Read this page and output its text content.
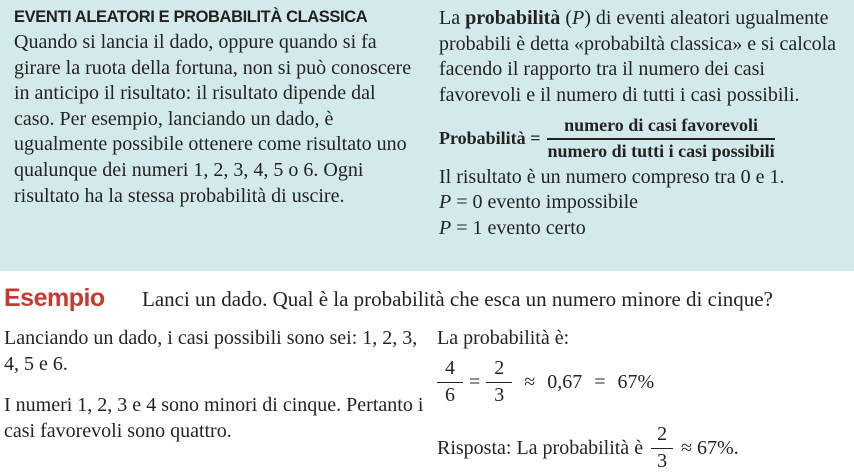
EVENTI ALEATORI E PROBABILITÀ CLASSICA

Quando si lancia il dado, oppure quando si fa girare la ruota della fortuna, non si può conoscere in anticipo il risultato: il risultato dipende dal caso. Per esempio, lanciando un dado, è ugualmente possibile ottenere come risultato uno qualunque dei numeri 1, 2, 3, 4, 5 o 6. Ogni risultato ha la stessa probabilità di uscire.

La probabilità (P) di eventi aleatori ugualmente probabili è detta «probabiltà classica» e si calcola facendo il rapporto tra il numero dei casi favorevoli e il numero di tutti i casi possibili.

Probabilità = $\frac{\text{numero di casi favorevoli}}{\text{numero di tutti i casi possibili}}$

Il risultato è un numero compreso tra 0 e 1.

P = 0 evento impossibile

P = 1 evento certo

Esempio	Lanci un dado. Qual è la probabilità che esca un numero minore di cinque?

Lanciando un dado, i casi possibili sono sei: 1, 2, 3, 4, 5 e 6.

I numeri 1, 2, 3 e 4 sono minori di cinque. Pertanto i casi favorevoli sono quattro.

La probabilità è:

$\frac{4}{6} = \frac{2}{3} \approx 0,67 = 67\%$
Risposta: La probabilità è $\frac{2}{3} \approx 67\%$.
